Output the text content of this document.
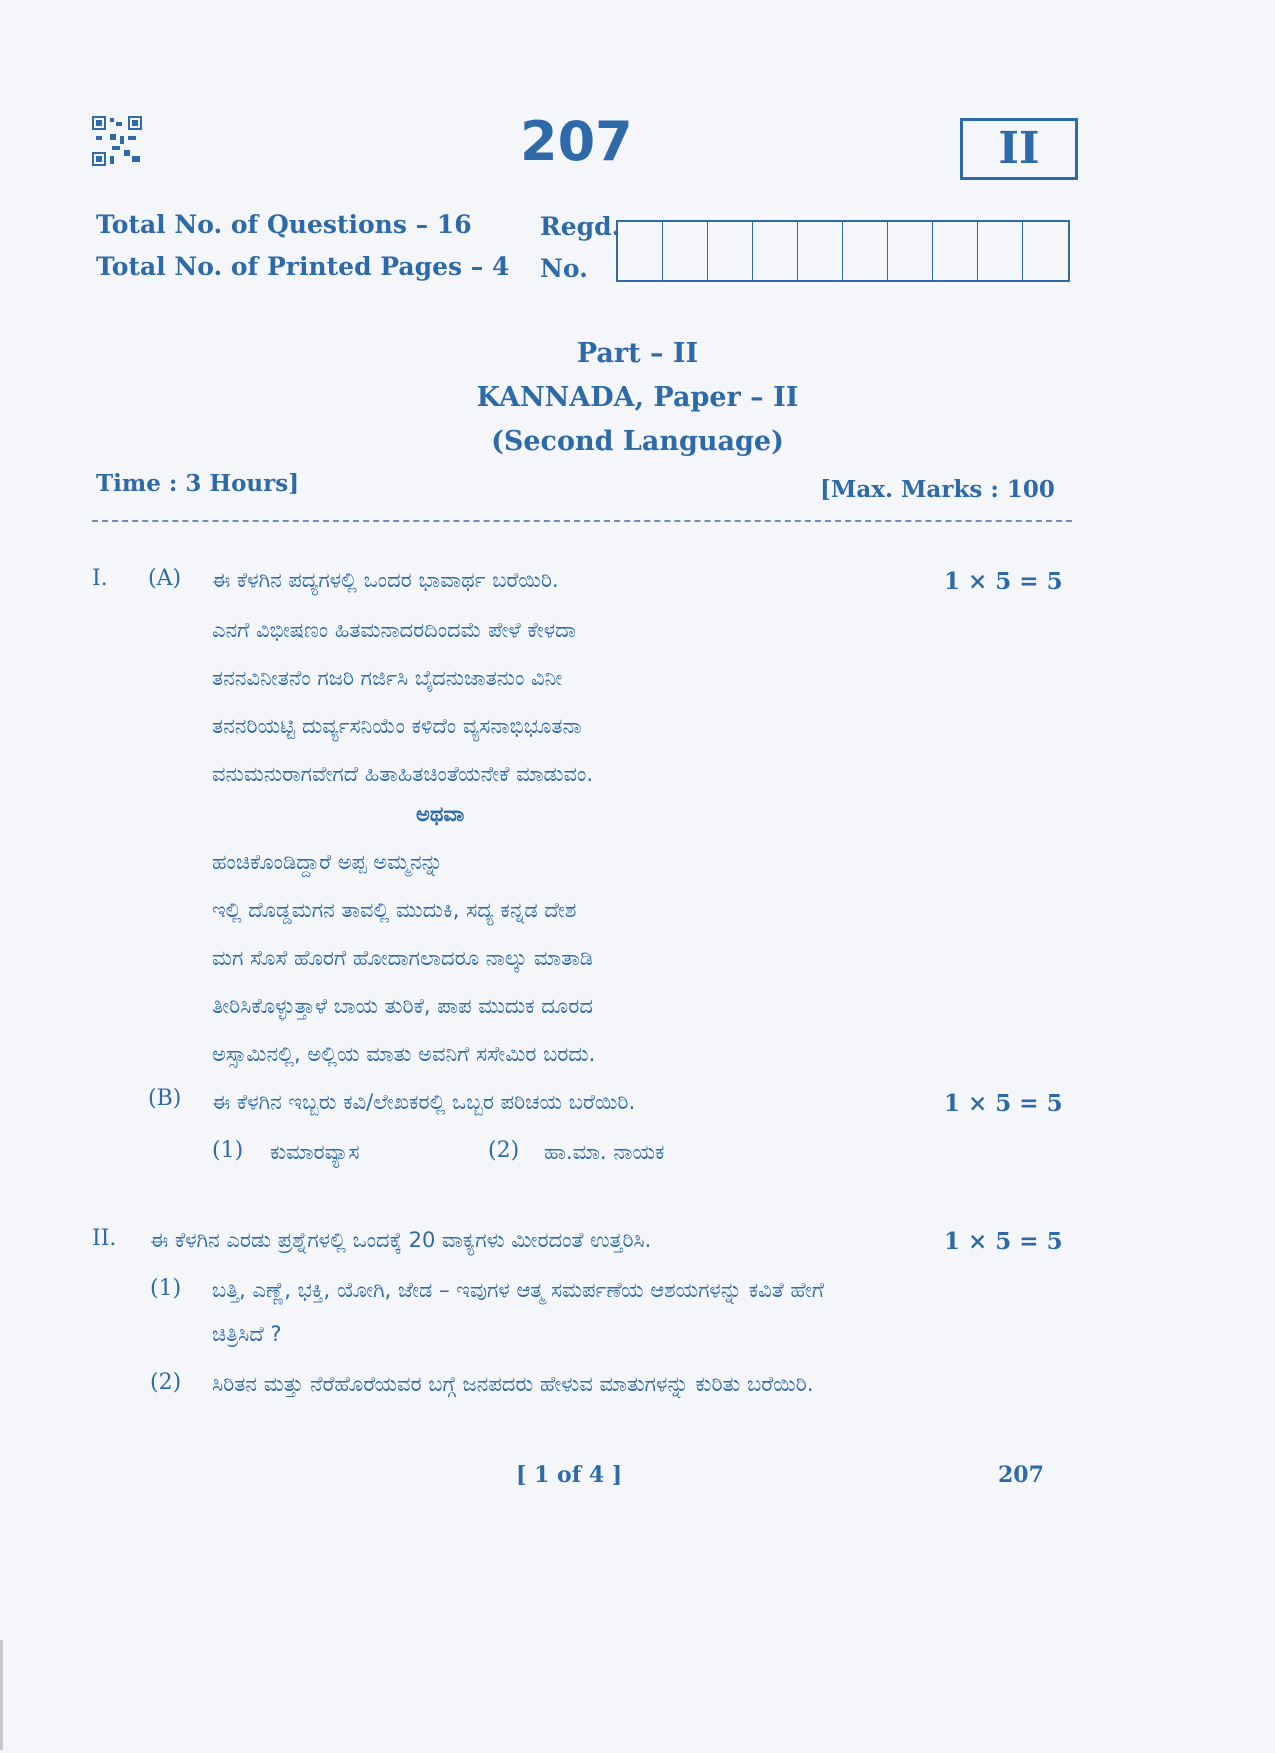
207	II
Total No. of Questions – 16
Total No. of Printed Pages – 4
Regd.
No.
Part – II
KANNADA, Paper – II
(Second Language)
Time : 3 Hours]	[Max. Marks : 100
I. (A) ಈ ಕೆಳಗಿನ ಪದ್ಯಗಳಲ್ಲಿ ಒಂದರ ಭಾವಾರ್ಥ ಬರೆಯಿರಿ.	1 × 5 = 5
ಎನಗೆ ವಿಭೀಷಣಂ ಹಿತಮನಾದರದಿಂದಮೆ ಪೇಳೆ ಕೇಳದಾ
ತನನವಿನೀತನೆಂ ಗಜರಿ ಗರ್ಜಿಸಿ ಬೈದನುಜಾತನುಂ ವಿನೀ
ತನನರಿಯಟ್ಟಿ ದುರ್ವ್ಯಸನಿಯೆಂ ಕಳಿದೆಂ ವ್ಯಸನಾಭಿಭೂತನಾ
ವನುಮನುರಾಗವೇಗದೆ ಹಿತಾಹಿತಚಿಂತೆಯನೇಕೆ ಮಾಡುವಂ.
ಅಥವಾ
ಹಂಚಿಕೊಂಡಿದ್ದಾರೆ ಅಪ್ಪ ಅಮ್ಮನನ್ನು
ಇಲ್ಲಿ ದೊಡ್ಡಮಗನ ತಾವಲ್ಲಿ ಮುದುಕಿ, ಸದ್ಯ ಕನ್ನಡ ದೇಶ
ಮಗ ಸೊಸೆ ಹೊರಗೆ ಹೋದಾಗಲಾದರೂ ನಾಲ್ಕು ಮಾತಾಡಿ
ತೀರಿಸಿಕೊಳ್ಳುತ್ತಾಳೆ ಬಾಯ ತುರಿಕೆ, ಪಾಪ ಮುದುಕ ದೂರದ
ಅಸ್ಸಾಮಿನಲ್ಲಿ, ಅಲ್ಲಿಯ ಮಾತು ಅವನಿಗೆ ಸಸೇಮಿರ ಬರದು.
(B) ಈ ಕೆಳಗಿನ ಇಬ್ಬರು ಕವಿ/ಲೇಖಕರಲ್ಲಿ ಒಬ್ಬರ ಪರಿಚಯ ಬರೆಯಿರಿ.	1 × 5 = 5
(1) ಕುಮಾರವ್ಯಾಸ	(2) ಹಾ.ಮಾ. ನಾಯಕ
II. ಈ ಕೆಳಗಿನ ಎರಡು ಪ್ರಶ್ನೆಗಳಲ್ಲಿ ಒಂದಕ್ಕೆ 20 ವಾಕ್ಯಗಳು ಮೀರದಂತೆ ಉತ್ತರಿಸಿ.	1 × 5 = 5
(1) ಬತ್ತಿ, ಎಣ್ಣೆ, ಭಕ್ತಿ, ಯೋಗಿ, ಜೇಡ – ಇವುಗಳ ಆತ್ಮ ಸಮರ್ಪಣೆಯ ಆಶಯಗಳನ್ನು ಕವಿತೆ ಹೇಗೆ
ಚಿತ್ರಿಸಿದೆ ?
(2) ಸಿರಿತನ ಮತ್ತು ನೆರೆಹೊರೆಯವರ ಬಗ್ಗೆ ಜನಪದರು ಹೇಳುವ ಮಾತುಗಳನ್ನು ಕುರಿತು ಬರೆಯಿರಿ.
[ 1 of 4 ]	207
